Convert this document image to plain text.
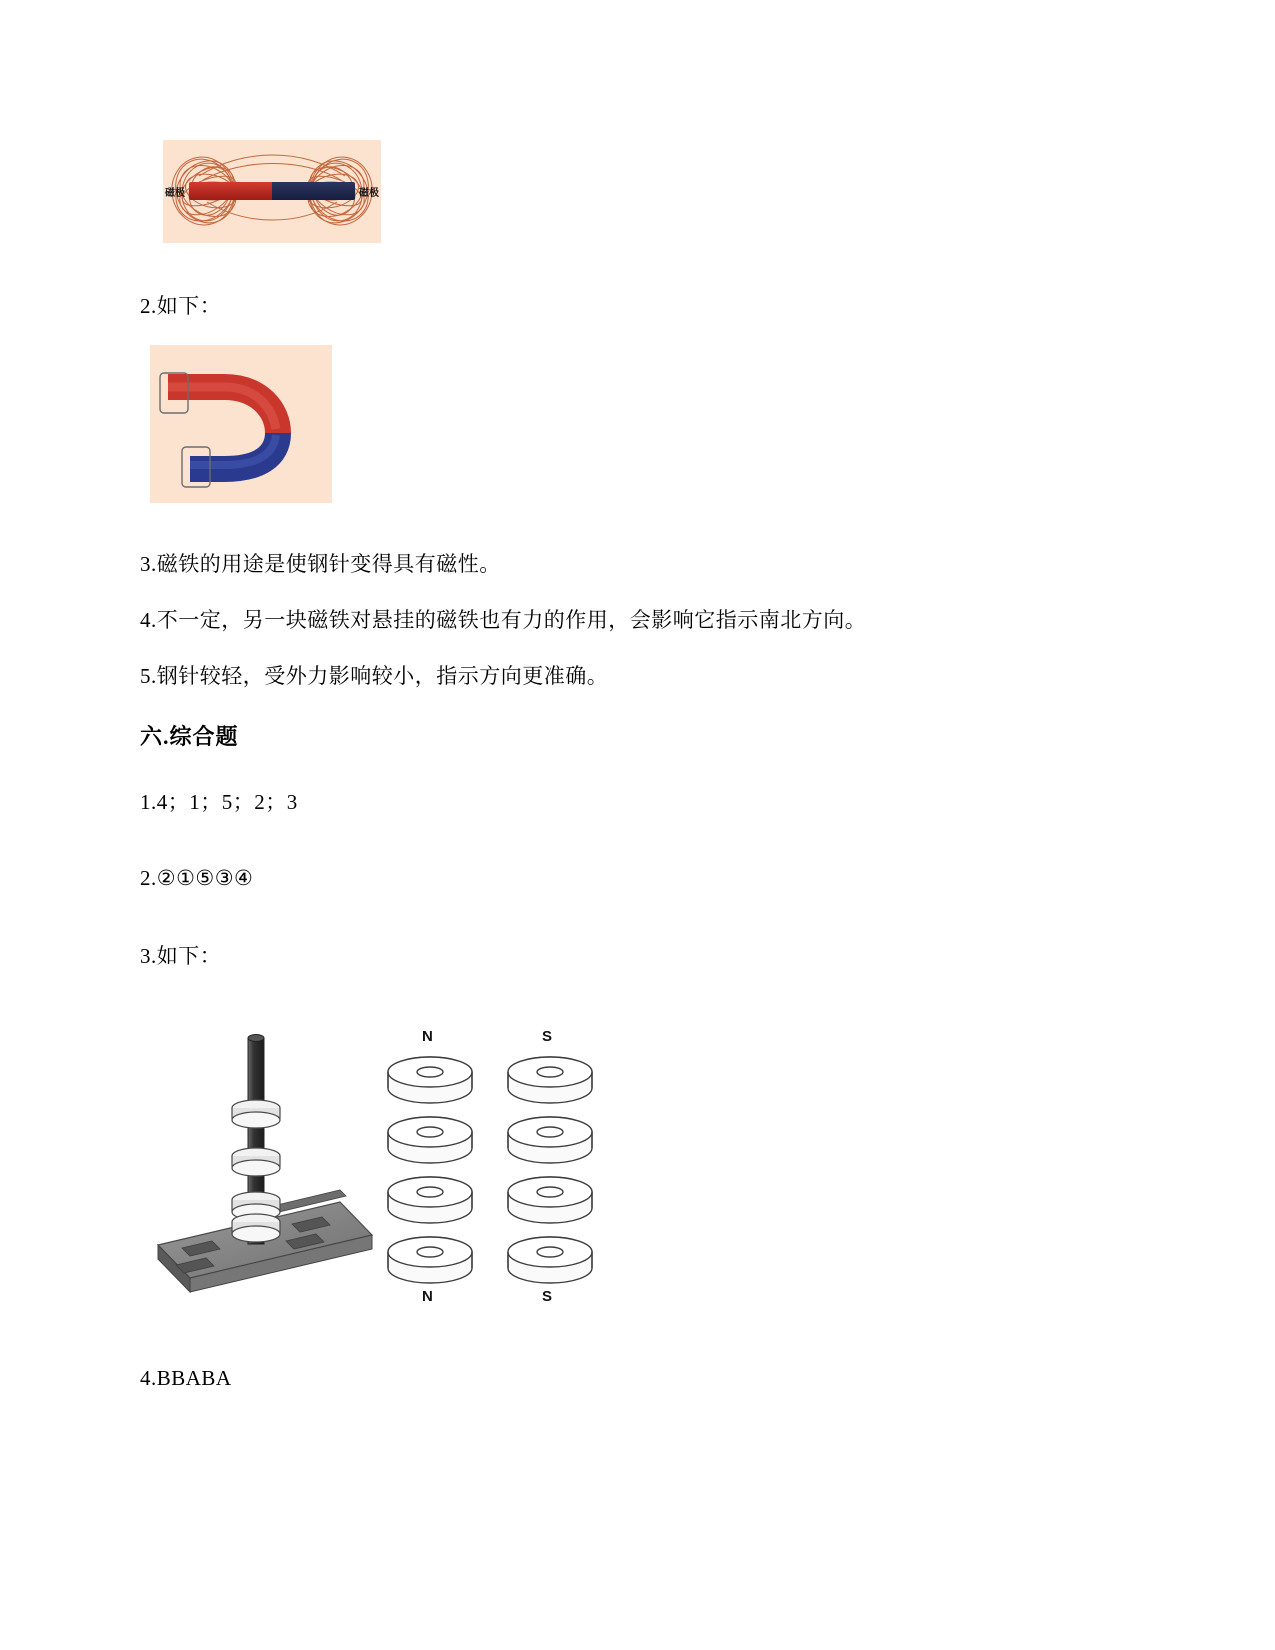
磁极	磁极

2.如下：

3.磁铁的用途是使钢针变得具有磁性。

4.不一定，另一块磁铁对悬挂的磁铁也有力的作用，会影响它指示南北方向。

5.钢针较轻，受外力影响较小，指示方向更准确。

六.综合题

1.4；1；5；2；3

2.②①⑤③④

3.如下：

N	S
N	S

4.BBABA
